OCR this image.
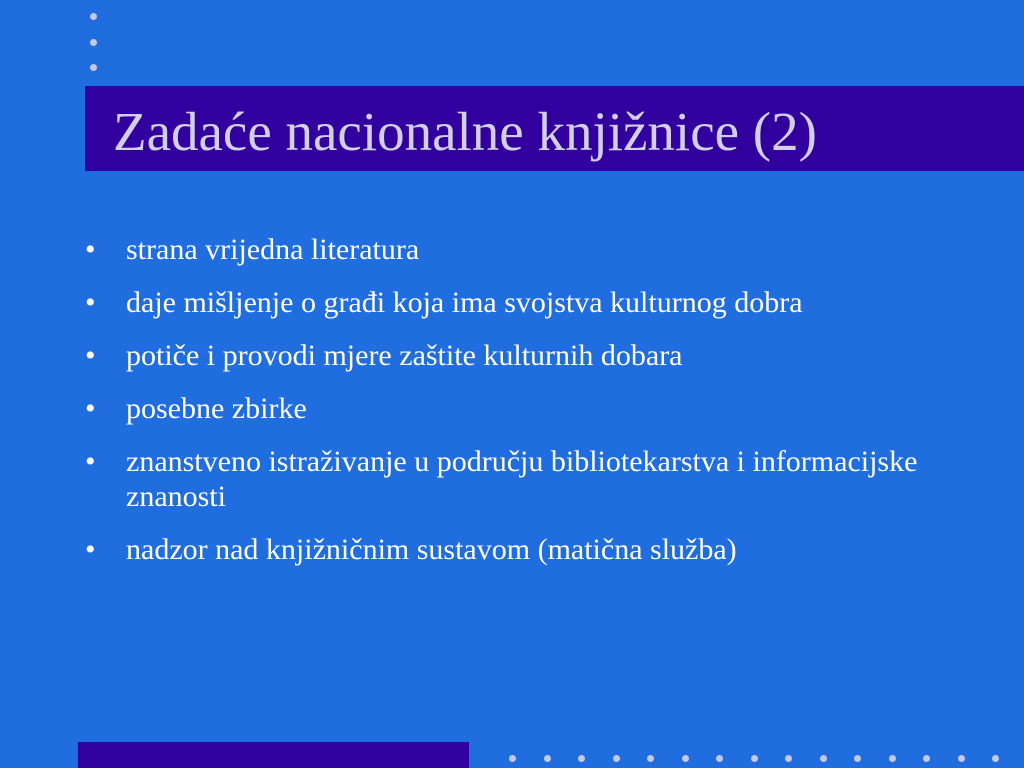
Zadaće nacionalne knjižnice (2)
• strana vrijedna literatura
• daje mišljenje o građi koja ima svojstva kulturnog dobra
• potiče i provodi mjere zaštite kulturnih dobara
• posebne zbirke
• znanstveno istraživanje u području bibliotekarstva i informacijske znanosti
• nadzor nad knjižničnim sustavom (matična služba)
